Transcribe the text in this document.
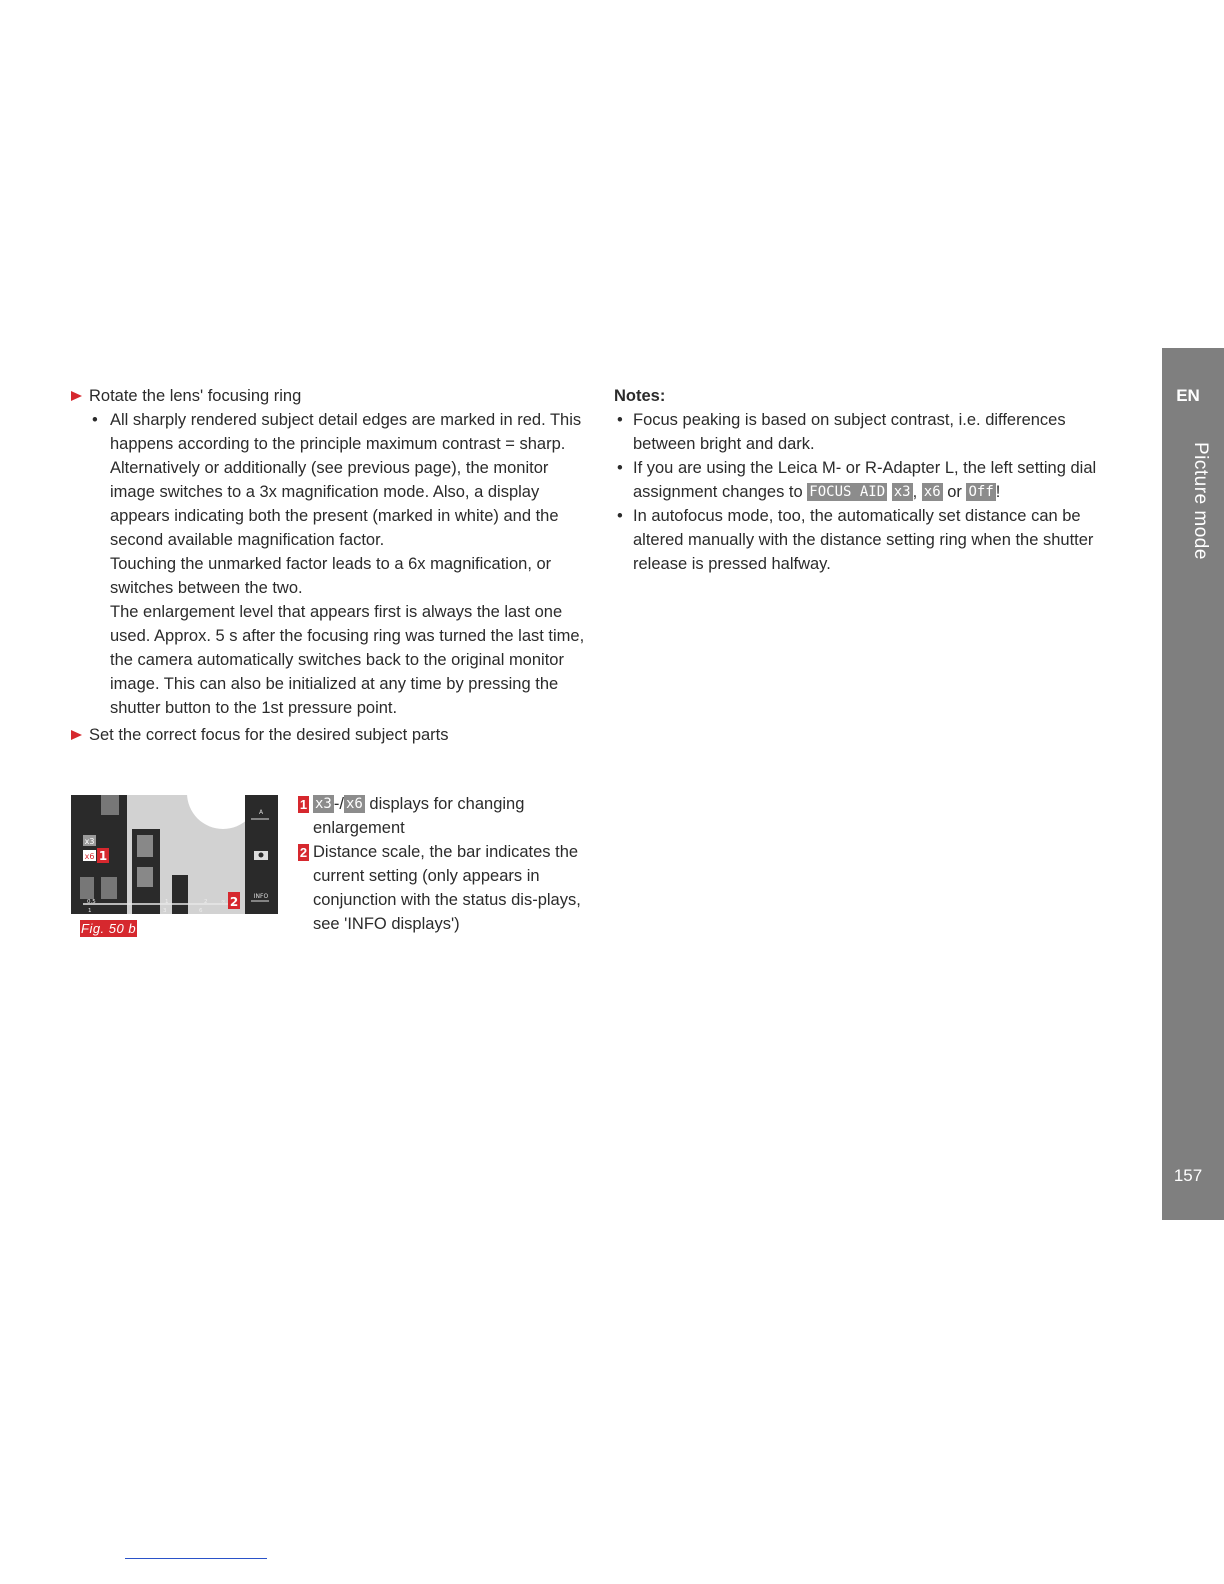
Rotate the lens' focusing ring
• All sharply rendered subject detail edges are marked in red. This happens according to the principle maximum contrast = sharp. Alternatively or additionally (see previous page), the monitor image switches to a 3x magnification mode. Also, a display appears indicating both the present (marked in white) and the second available magnification factor.

Touching the unmarked factor leads to a 6x magnification, or switches between the two.

The enlargement level that appears first is always the last one used. Approx. 5 s after the focusing ring was turned the last time, the camera automatically switches back to the original monitor image. This can also be initialized at any time by pressing the shutter button to the 1st pressure point.

Set the correct focus for the desired subject parts
Notes:
• Focus peaking is based on subject contrast, i.e. differences between bright and dark.
• If you are using the Leica M- or R-Adapter L, the left setting dial assignment changes to FOCUS AID x3 , x6 or Off !
• In autofocus mode, too, the automatically set distance can be altered manually with the distance setting ring when the shutter release is pressed halfway.
x3
x6 1
2
A
INFO
0.5	1	2 ∞
1	3	6
Fig. 50 b
1 x3 -/ x6 displays for changing enlargement
2 Distance scale, the bar indicates the current setting (only appears in conjunction with the status dis-plays, see 'INFO displays')
EN
Picture mode
157
